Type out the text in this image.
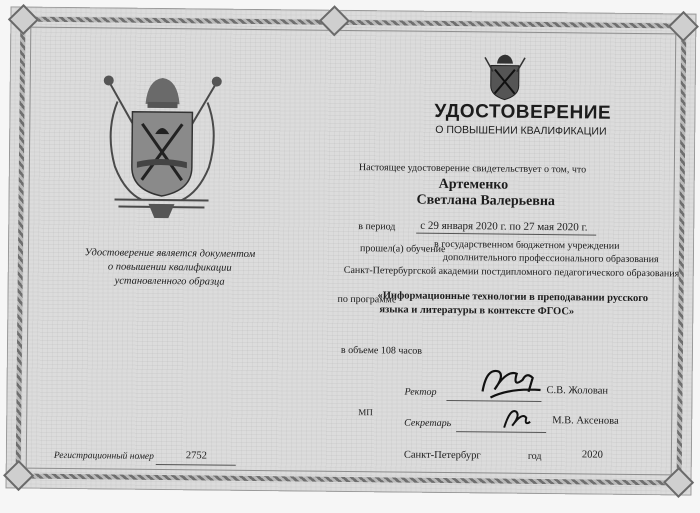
УДОСТОВЕРЕНИЕ
О ПОВЫШЕНИИ КВАЛИФИКАЦИИ
Настоящее удостоверение свидетельствует о том, что
Артеменко
Светлана Валерьевна
в период с 29 января 2020 г. по 27 мая 2020 г.
прошел(а) обучение
в государственном бюджетном учреждении
дополнительного профессионального образования
Санкт-Петербургской академии постдипломного педагогического образования
по программе
«Информационные технологии в преподавании русского
языка и литературы в контексте ФГОС»
в объеме 108 часов
Удостоверение является документом
о повышении квалификации
установленного образца
МП
Ректор	С.В. Жолован
Секретарь	М.В. Аксенова
Регистрационный номер	2752	Санкт-Петербург	год	2020
